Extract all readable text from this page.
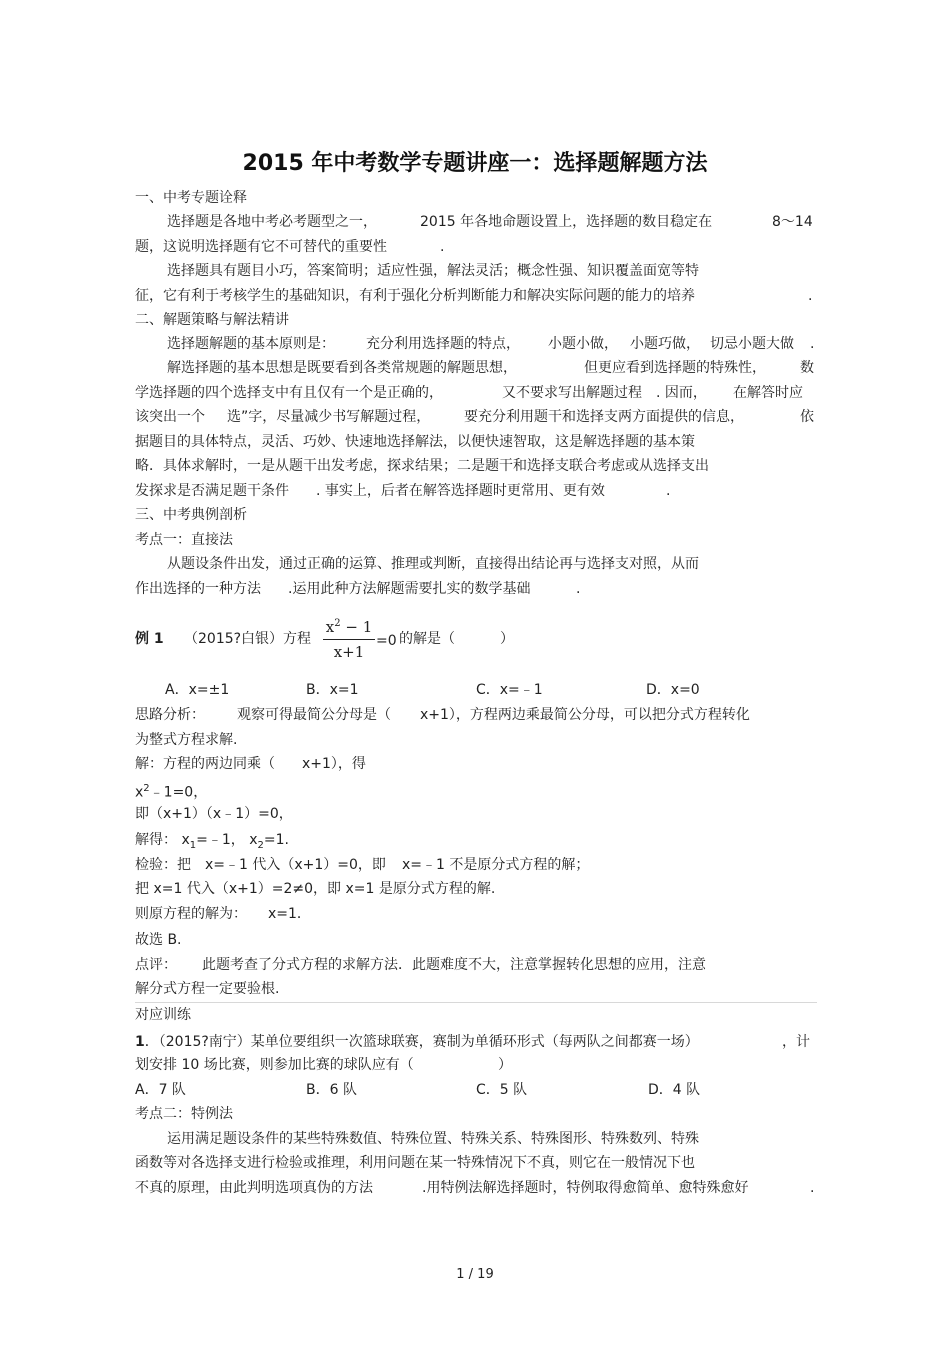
2015 年中考数学专题讲座一：选择题解题方法
一、中考专题诠释
选择题是各地中考必考题型之一，	2015 年各地命题设置上，选择题的数目稳定在	8～14
题，这说明选择题有它不可替代的重要性	.
选择题具有题目小巧，答案简明；适应性强，解法灵活；概念性强、知识覆盖面宽等特
征，它有利于考核学生的基础知识，有利于强化分析判断能力和解决实际问题的能力的培养	.
二、解题策略与解法精讲
选择题解题的基本原则是： 充分利用选择题的特点， 小题小做， 小题巧做， 切忌小题大做 .
解选择题的基本思想是既要看到各类常规题的解题思想，	但更应看到选择题的特殊性， 数
学选择题的四个选择支中有且仅有一个是正确的，	又不要求写出解题过程 . 因而， 在解答时应
该突出一个 选”字，尽量减少书写解题过程， 要充分利用题干和选择支两方面提供的信息，	依
据题目的具体特点，灵活、巧妙、快速地选择解法，以便快速智取，这是解选择题的基本策
略．具体求解时，一是从题干出发考虑，探求结果；二是题干和选择支联合考虑或从选择支出
发探求是否满足题干条件 . 事实上，后者在解答选择题时更常用、更有效	.
三、中考典例剖析
考点一：直接法
从题设条件出发，通过正确的运算、推理或判断，直接得出结论再与选择支对照，从而
作出选择的一种方法 .运用此种方法解题需要扎实的数学基础	.
例 1 （2015?白银）方程
$x^2 - 1$
x+1
=0 的解是（	）
A．x=±1	B．x=1	C．x=﹣1	D．x=0
思路分析： 观察可得最简公分母是（ x+1），方程两边乘最简公分母，可以把分式方程转化
为整式方程求解.
解：方程的两边同乘（ x+1），得
$x^2﹣1=0$，
即（x+1）（x﹣1）=0，
解得： $x_1=﹣1$， $x_2=1$.
检验：把 x=﹣1 代入（x+1）=0，即 x=﹣1 不是原分式方程的解；
把 x=1 代入（x+1）=2≠0，即 x=1 是原分式方程的解.
则原方程的解为： x=1．
故选 B.
点评： 此题考查了分式方程的求解方法．此题难度不大，注意掌握转化思想的应用，注意
解分式方程一定要验根.
对应训练
1．（2015?南宁）某单位要组织一次篮球联赛，赛制为单循环形式（每两队之间都赛一场）	，计
划安排 10 场比赛，则参加比赛的球队应有（	）
A．7 队	B．6 队	C．5 队	D．4 队
考点二：特例法
运用满足题设条件的某些特殊数值、特殊位置、特殊关系、特殊图形、特殊数列、特殊
函数等对各选择支进行检验或推理，利用问题在某一特殊情况下不真，则它在一般情况下也
不真的原理，由此判明选项真伪的方法	.用特例法解选择题时，特例取得愈简单、愈特殊愈好	.
1 / 19
